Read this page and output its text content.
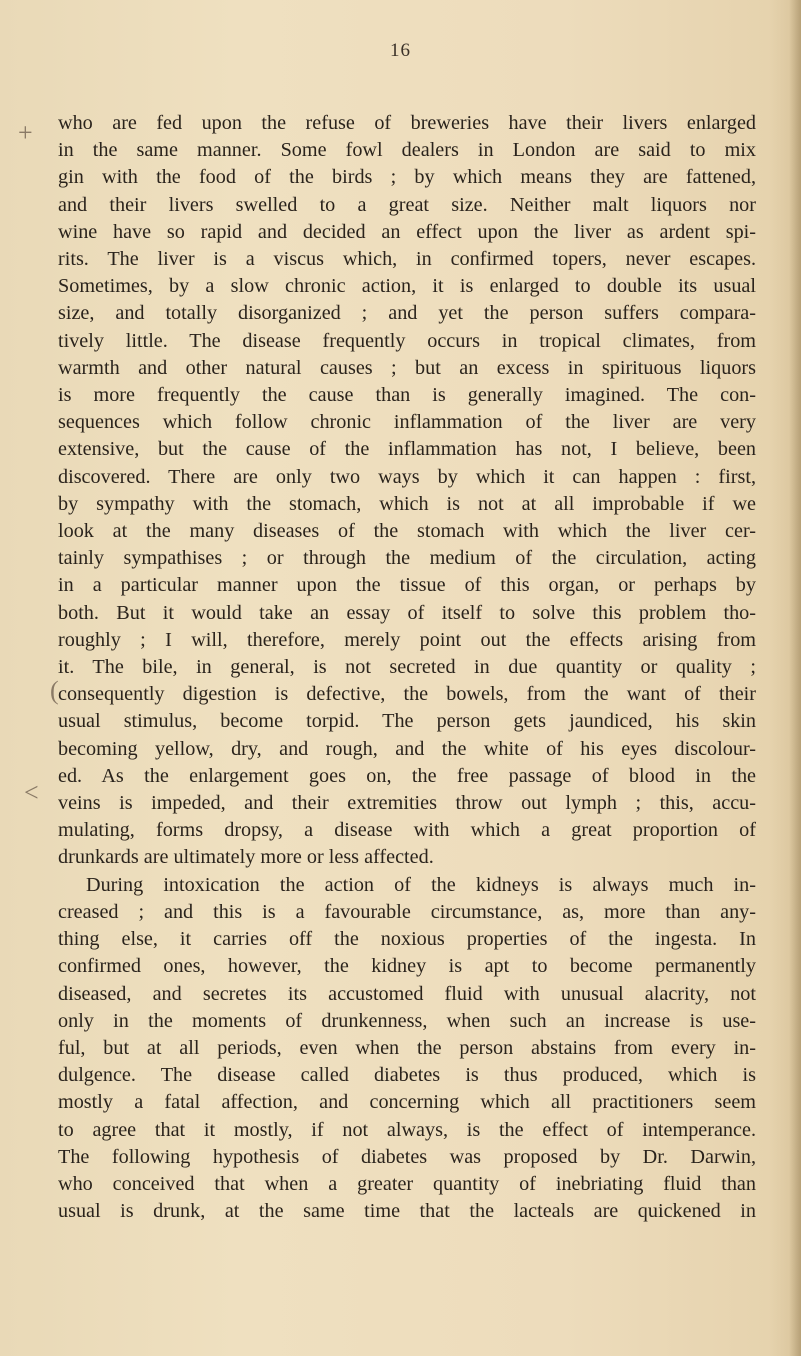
16
+
(
<

who are fed upon the refuse of breweries have their livers enlarged

in the same manner. Some fowl dealers in London are said to mix

gin with the food of the birds ; by which means they are fattened,

and their livers swelled to a great size. Neither malt liquors nor

wine have so rapid and decided an effect upon the liver as ardent spi-

rits. The liver is a viscus which, in confirmed topers, never escapes.

Sometimes, by a slow chronic action, it is enlarged to double its usual

size, and totally disorganized ; and yet the person suffers compara-

tively little. The disease frequently occurs in tropical climates, from

warmth and other natural causes ; but an excess in spirituous liquors

is more frequently the cause than is generally imagined. The con-

sequences which follow chronic inflammation of the liver are very

extensive, but the cause of the inflammation has not, I believe, been

discovered. There are only two ways by which it can happen : first,

by sympathy with the stomach, which is not at all improbable if we

look at the many diseases of the stomach with which the liver cer-

tainly sympathises ; or through the medium of the circulation, acting

in a particular manner upon the tissue of this organ, or perhaps by

both. But it would take an essay of itself to solve this problem tho-

roughly ; I will, therefore, merely point out the effects arising from

it. The bile, in general, is not secreted in due quantity or quality ;

consequently digestion is defective, the bowels, from the want of their

usual stimulus, become torpid. The person gets jaundiced, his skin

becoming yellow, dry, and rough, and the white of his eyes discolour-

ed. As the enlargement goes on, the free passage of blood in the

veins is impeded, and their extremities throw out lymph ; this, accu-

mulating, forms dropsy, a disease with which a great proportion of

drunkards are ultimately more or less affected.

During intoxication the action of the kidneys is always much in-

creased ; and this is a favourable circumstance, as, more than any-

thing else, it carries off the noxious properties of the ingesta. In

confirmed ones, however, the kidney is apt to become permanently

diseased, and secretes its accustomed fluid with unusual alacrity, not

only in the moments of drunkenness, when such an increase is use-

ful, but at all periods, even when the person abstains from every in-

dulgence. The disease called diabetes is thus produced, which is

mostly a fatal affection, and concerning which all practitioners seem

to agree that it mostly, if not always, is the effect of intemperance.

The following hypothesis of diabetes was proposed by Dr. Darwin,

who conceived that when a greater quantity of inebriating fluid than

usual is drunk, at the same time that the lacteals are quickened in
